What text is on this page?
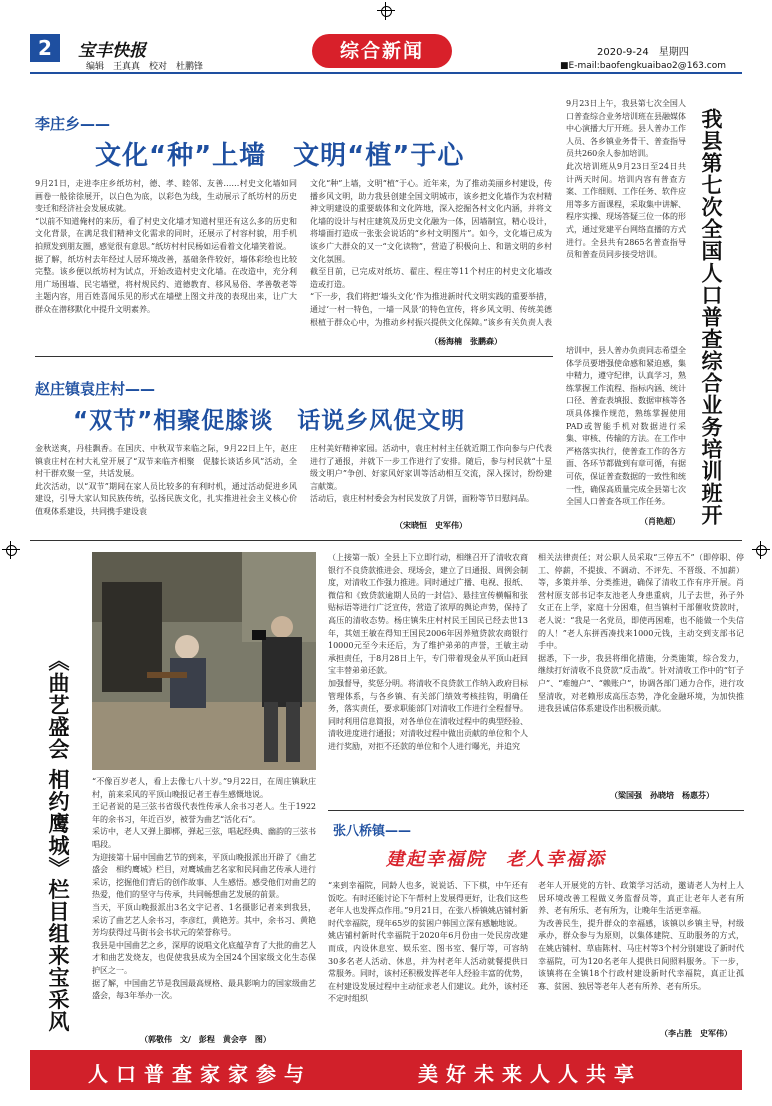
2	宝丰快报
编辑　王真真　校对　杜鹏锋
综合新闻	2020-9-24　 星期四
■E-mail:baofengkuaibao2@163.com
李庄乡——
文化“种”上墙　文明“植”于心
9月21日，走进李庄乡纸坊村，德、孝、睦邻、友善……村史文化墙如同画卷一般徐徐展开，以白色为底，以彩色为线，生动展示了纸坊村的历史变迁和经济社会发展成就。
“以前不知道俺村的来历，看了村史文化墙才知道村里还有这么多的历史和文化背景，在满足我们精神文化需求的同时，还展示了村容村貌，用手机拍照发到朋友圈，感觉很有意思。”纸坊村村民杨如运看着文化墙笑着说。
据了解，纸坊村去年经过人居环境改善，基础条件较好，墙体彩绘也比较完整。该乡便以纸坊村为试点，开始改造村史文化墙。在改造中，充分利用广场围墙、民宅墙壁，将村规民约、道德教育、移风易俗、孝善敬老等主题内容，用百姓喜闻乐见的形式在墙壁上图文并茂的表现出来，让广大群众在潜移默化中提升文明素养。
文化“种”上墙，文明“植”于心。近年来，为了推动美丽乡村建设，传播乡风文明，助力我县创建全国文明城市，该乡把文化墙作为农村精神文明建设的重要载体和文化阵地，深入挖掘各村文化内涵，并将文化墙的设计与村庄建筑及历史文化融为一体，因墙制宜，精心设计，将墙面打造成一张张会说话的“乡村文明图片”。如今，文化墙已成为该乡广大群众的又一“文化读物”，营造了积极向上、和谐文明的乡村文化氛围。
截至目前，已完成对纸坊、翟庄、程庄等11个村庄的村史文化墙改造或打造。
“下一步，我们将把‘墙头文化’作为推进新时代文明实践的重要举措，通过‘一村一特色，一墙一风景’的特色宣传，将乡风文明、传统美德根植于群众心中，为推动乡村振兴提供文化保障。”该乡有关负责人表
（杨海楠　张鹏森）
赵庄镇袁庄村——
“双节”相聚促膝谈　话说乡风促文明
金秋送爽，丹桂飘香。在国庆、中秋双节来临之际，9月22日上午，赵庄镇袁庄村在村大礼堂开展了“双节来临齐相聚　促膝长谈话乡风”活动，全村干群欢聚一堂，共话发展。
此次活动，以“双节”期间在家人员比较多的有利时机，通过活动促进乡风建设，引导大家认知民族传统，弘扬民族文化，扎实推进社会主义核心价值观体系建设，共同携手建设袁
庄村美好精神家园。活动中，袁庄村村主任就近期工作向参与户代表进行了通报，并就下一步工作进行了安排。随后，参与村民就“十星级文明户”争创、好家风好家训等活动相互交流，深入探讨，纷纷建言献策。
活动后，袁庄村村委会为村民发放了月饼，面粉等节日慰问品。
（宋晓恒　史军伟）
9月23日上午，我县第七次全国人口普查综合业务培训班在县融媒体中心演播大厅开班。县人普办工作人员、各乡镇业务骨干、普查指导员共260余人参加培训。
此次培训班从9月23日至24日共计两天时间。培训内容有普查方案、工作细则、工作任务、软件应用等多方面课程，采取集中讲解、程序实操、现场答疑三位一体的形式，通过党建平台网络直播的方式进行。全县共有2865名普查指导员和普查员同步接受培训。
我县第七次全国人口普查综合业务培训班开
培训中，县人普办负责同志希望全体学员要增强使命感和紧迫感，集中精力，遵守纪律，认真学习，熟练掌握工作流程、指标内涵、统计口径、普查表填报、数据审核等各项具体操作规范，熟练掌握使用PAD或智能手机对数据进行采集、审核、传输的方法。在工作中严格落实执行，使普查工作的各方面、各环节都做到有章可循，有据可依，保证普查数据的一致性和统一性，确保高质量完成全县第七次全国人口普查各项工作任务。
（肖艳超）
《曲艺盛会 相约鹰城》栏目组来宝采风	“不像百岁老人，看上去像七八十岁。”9月22日，在周庄镇耿庄村，前来采风的平顶山晚报记者王春生感慨地说。
王记者说的是三弦书省级代表性传承人余书习老人。生于1922年的余书习，年近百岁，被誉为曲艺“活化石”。
采访中，老人又弹上脚梆，弹起三弦，唱起经典、幽韵的三弦书唱段。
为迎接第十届中国曲艺节的到来，平顶山晚报派出开辟了《曲艺盛会　相约鹰城》栏目，对鹰城曲艺名家和民间曲艺传承人进行采访，挖掘他们背后的创作故事、人生感悟。感受他们对曲艺的热爱，他们的坚守与传承，共同畅想曲艺发展的前景。
当天，平顶山晚报派出3名文字记者、1名摄影记者来到我县，采访了曲艺艺人余书习，李彦红，黄艳芳。其中，余书习、黄艳芳均获得过马街书会书状元的荣誉称号。
我县是中国曲艺之乡，深厚的说唱文化底蕴孕育了大批的曲艺人才和曲艺发烧友，也促使我县成为全国24个国家级文化生态保护区之一。
据了解，中国曲艺节是我国最高规格、最具影响力的国家级曲艺盛会，每3年举办一次。
（郭敬伟　文/　彭程　黄会亭　图）
（上接第一版）全县上下立即行动，相继召开了清收农商银行不良贷款推进会、现场会，建立了日通报、周例会制度，对清收工作强力推进。同时通过广播、电视、报纸、微信和《致贷款逾期人员的一封信》、悬挂宣传横幅和张贴标语等进行广泛宣传，营造了浓厚的舆论声势，保持了高压的清收态势。杨庄镇朱庄村村民王国民已经去世13年，其妞王敏在得知王国民2006年因养殖贷款农商银行10000元至今未还后，为了维护弟弟的声誉，王敏主动承担责任，于8月28日上午，专门带着现金从平顶山赶回宝丰替弟弟还款。
加强督导，奖惩分明。将清收不良贷款工作纳入政府目标管理体系，与各乡镇、有关部门绩效考核挂钩，明确任务，落实责任，要求职能部门对清收工作进行全程督导。同时利用信息简报，对各单位在清收过程中的典型经验、清收进度进行通报；对清收过程中做出贡献的单位和个人进行奖励，对拒不还款的单位和个人进行曝光，并追究
相关法律责任；对公职人员采取“三停五不”（即停职、停工、停薪，不提拔、不调动、不评先、不晋级、不加薪）等，多策并举、分类推进，确保了清收工作有序开展。肖营村原支部书记李友池老人身患重病，儿子去世，孙子外女正在上学，家庭十分困难，但当镇村干部催收贷款时，老人说：“我是一名党员，即使再困难，也不能做一个失信的人！”老人东拼西凑找来1000元钱，主动交到支部书记手中。
据悉，下一步，我县将细化措施，分类施策，综合发力，继续打好清收不良贷款“反击战”。针对清收工作中的“钉子户”、“难缠户”、“赖账户”，协调各部门通力合作，进行攻坚清收，对老赖形成高压态势，净化金融环境，为加快推进我县诚信体系建设作出积极贡献。
（梁国强　孙晓培　杨惠芬）
张八桥镇——
建起幸福院　老人幸福添
“来到幸福院，同龄人也多，说说话、下下棋，中午还有饭吃。有时还能讨论下午帮村上发展得更好，让我们这些老年人也发挥点作用。”9月21日，在张八桥镇姚店铺村新时代幸福院，现年65岁的贫困户韩国立深有感触地说。
姚店铺村新时代幸福院于2020年6月份由一处民房改建而成，内设休息室、娱乐室、图书室、餐厅等，可容纳30多名老人活动、休息，并为村老年人活动就餐提供日常服务。同时，该村还积极发挥老年人经验丰富的优势，在村建设发展过程中主动征求老人们建议。此外，该村还不定时组织
老年人开展党的方针、政策学习活动，邀请老人为村上人居环境改善工程做义务监督员等，真正让老年人老有所养、老有所乐、老有所为，让晚年生活更幸福。
为改善民生，提升群众的幸福感，该镇以乡镇主导，村级承办，群众参与为原则，以集体建院、互助服务的方式，在姚店铺村、草庙陈村、马庄村等3个村分别建设了新时代幸福院，可为120名老年人提供日间照料服务。下一步，该镇将在全镇18个行政村建设新时代幸福院，真正让孤寡、贫困、独居等老年人老有所养、老有所乐。
（李占胜　史军伟）
人口普查家家参与	美好未来人人共享
